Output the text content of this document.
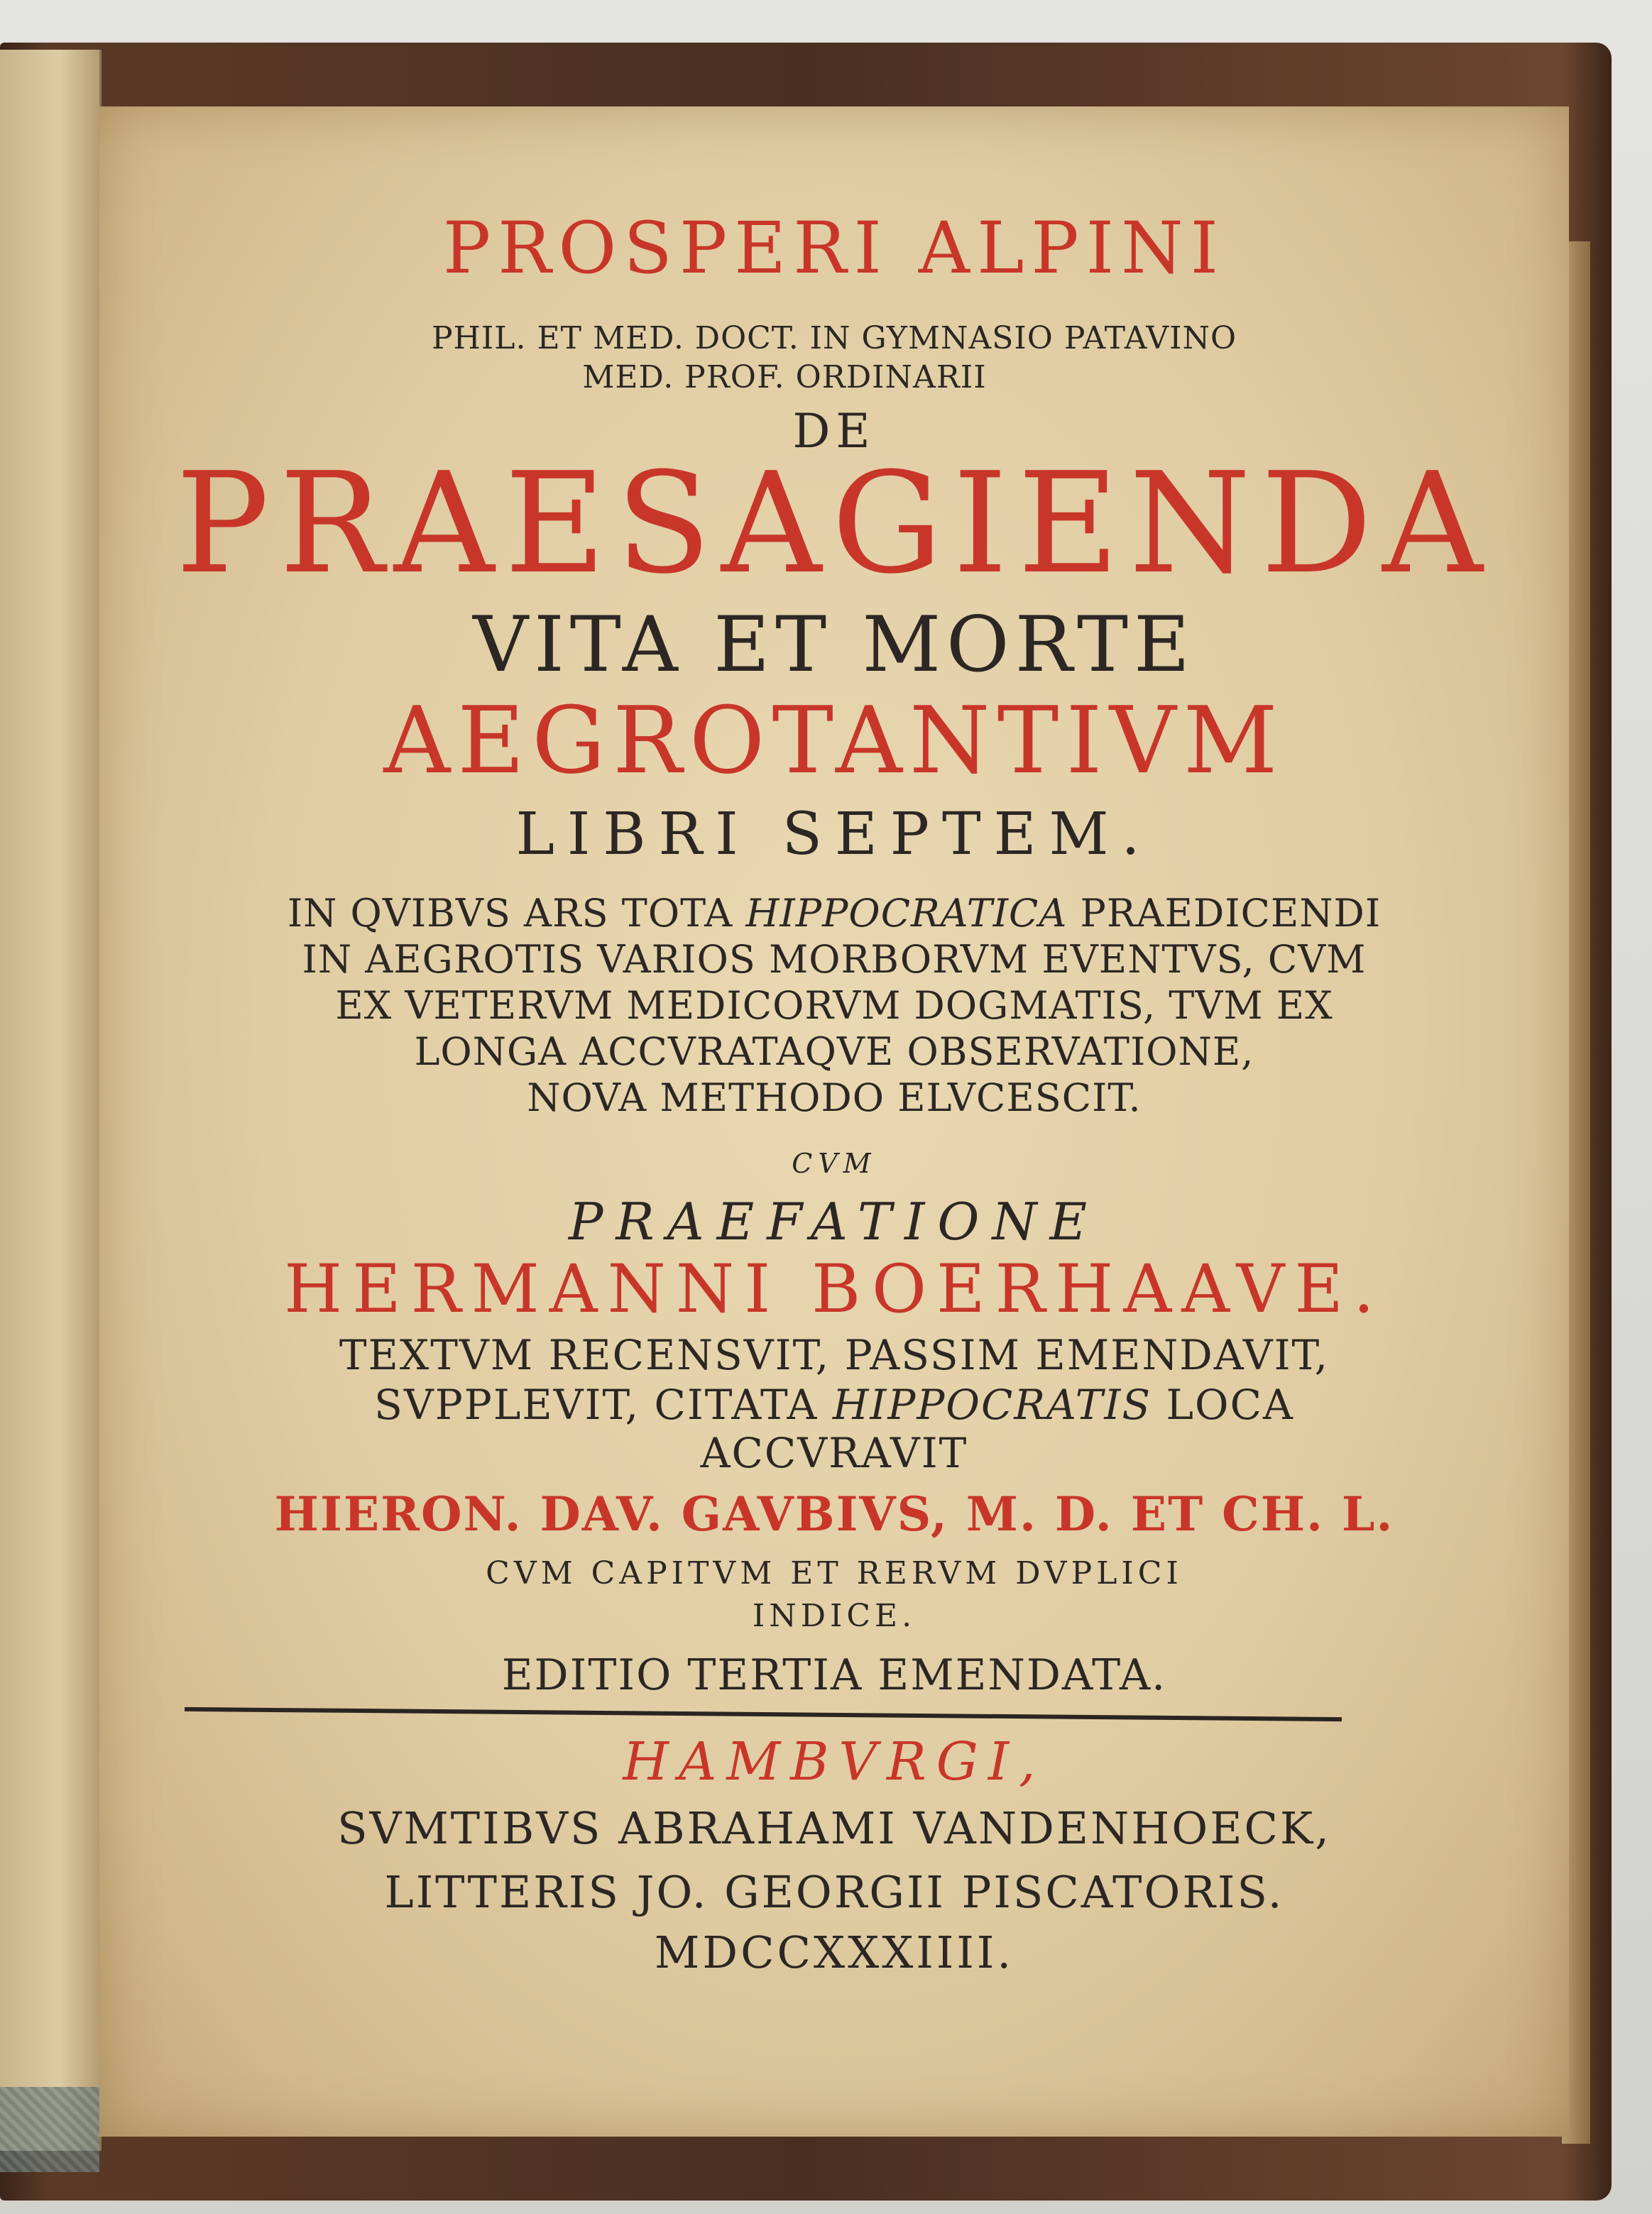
PROSPERI ALPINI
PHIL. ET MED. DOCT. IN GYMNASIO PATAVINO
MED. PROF. ORDINARII
DE
PRAESAGIENDA
VITA ET MORTE
AEGROTANTIVM
LIBRI SEPTEM.
IN QVIBVS ARS TOTA HIPPOCRATICA PRAEDICENDI
IN AEGROTIS VARIOS MORBORVM EVENTVS, CVM
EX VETERVM MEDICORVM DOGMATIS, TVM EX
LONGA ACCVRATAQVE OBSERVATIONE,
NOVA METHODO ELVCESCIT.
CVM
PRAEFATIONE
HERMANNI BOERHAAVE.
TEXTVM RECENSVIT, PASSIM EMENDAVIT,
SVPPLEVIT, CITATA HIPPOCRATIS LOCA
ACCVRAVIT
HIERON. DAV. GAVBIVS, M. D. ET CH. L.
CVM CAPITVM ET RERVM DVPLICI
INDICE.
EDITIO TERTIA EMENDATA.
HAMBVRGI,
SVMTIBVS ABRAHAMI VANDENHOECK,
LITTERIS JO. GEORGII PISCATORIS.
MDCCXXXIIII.
